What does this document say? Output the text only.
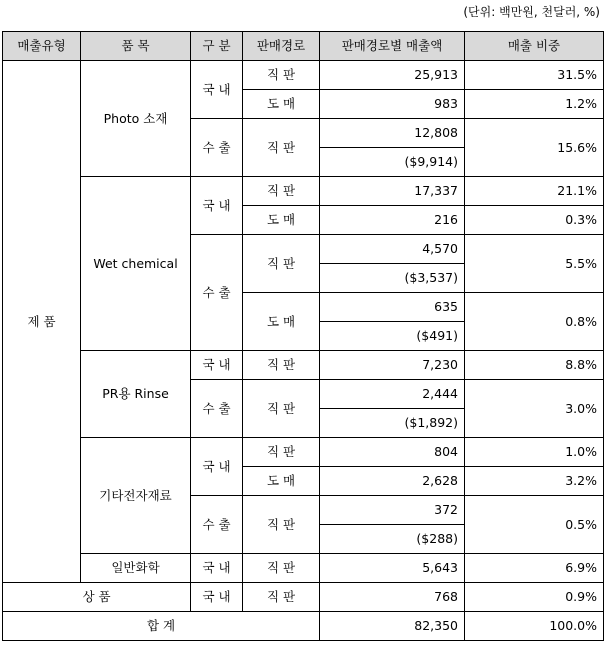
(단위: 백만원, 천달러, %)
매출유형	품 목	구 분	판매경로	판매경로별 매출액	매출 비중
제 품	Photo 소재	국 내	직 판	25,913	31.5%
			도 매	983	1.2%
		수 출	직 판	12,808	15.6%
				($9,914)	
	Wet chemical	국 내	직 판	17,337	21.1%
			도 매	216	0.3%
		수 출	직 판	4,570	5.5%
				($3,537)	
			도 매	635	0.8%
				($491)	
	PR용 Rinse	국 내	직 판	7,230	8.8%
		수 출	직 판	2,444	3.0%
				($1,892)	
	기타전자재료	국 내	직 판	804	1.0%
			도 매	2,628	3.2%
		수 출	직 판	372	0.5%
				($288)	
	일반화학	국 내	직 판	5,643	6.9%
상 품		국 내	직 판	768	0.9%
합 계				82,350	100.0%
